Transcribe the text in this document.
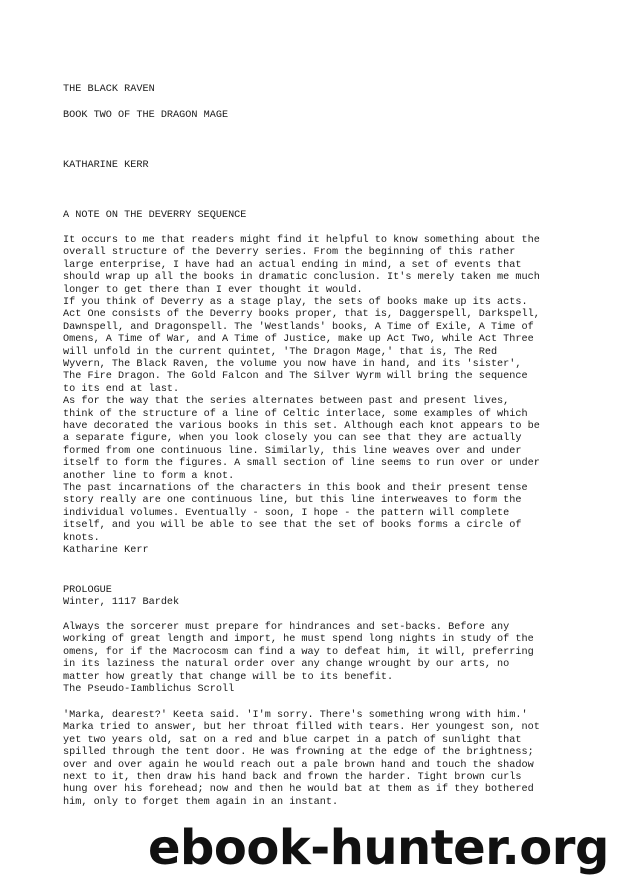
THE BLACK RAVEN
BOOK TWO OF THE DRAGON MAGE
KATHARINE KERR
A NOTE ON THE DEVERRY SEQUENCE
It occurs to me that readers might find it helpful to know something about the
overall structure of the Deverry series. From the beginning of this rather
large enterprise, I have had an actual ending in mind, a set of events that
should wrap up all the books in dramatic conclusion. It's merely taken me much
longer to get there than I ever thought it would.
If you think of Deverry as a stage play, the sets of books make up its acts.
Act One consists of the Deverry books proper, that is, Daggerspell, Darkspell,
Dawnspell, and Dragonspell. The 'Westlands' books, A Time of Exile, A Time of
Omens, A Time of War, and A Time of Justice, make up Act Two, while Act Three
will unfold in the current quintet, 'The Dragon Mage,' that is, The Red
Wyvern, The Black Raven, the volume you now have in hand, and its 'sister',
The Fire Dragon. The Gold Falcon and The Silver Wyrm will bring the sequence
to its end at last.
As for the way that the series alternates between past and present lives,
think of the structure of a line of Celtic interlace, some examples of which
have decorated the various books in this set. Although each knot appears to be
a separate figure, when you look closely you can see that they are actually
formed from one continuous line. Similarly, this line weaves over and under
itself to form the figures. A small section of line seems to run over or under
another line to form a knot.
The past incarnations of the characters in this book and their present tense
story really are one continuous line, but this line interweaves to form the
individual volumes. Eventually - soon, I hope - the pattern will complete
itself, and you will be able to see that the set of books forms a circle of
knots.
Katharine Kerr
PROLOGUE
Winter, 1117 Bardek
Always the sorcerer must prepare for hindrances and set-backs. Before any
working of great length and import, he must spend long nights in study of the
omens, for if the Macrocosm can find a way to defeat him, it will, preferring
in its laziness the natural order over any change wrought by our arts, no
matter how greatly that change will be to its benefit.
The Pseudo-Iamblichus Scroll
'Marka, dearest?' Keeta said. 'I'm sorry. There's something wrong with him.'
Marka tried to answer, but her throat filled with tears. Her youngest son, not
yet two years old, sat on a red and blue carpet in a patch of sunlight that
spilled through the tent door. He was frowning at the edge of the brightness;
over and over again he would reach out a pale brown hand and touch the shadow
next to it, then draw his hand back and frown the harder. Tight brown curls
hung over his forehead; now and then he would bat at them as if they bothered
him, only to forget them again in an instant.
ebook-hunter.org
